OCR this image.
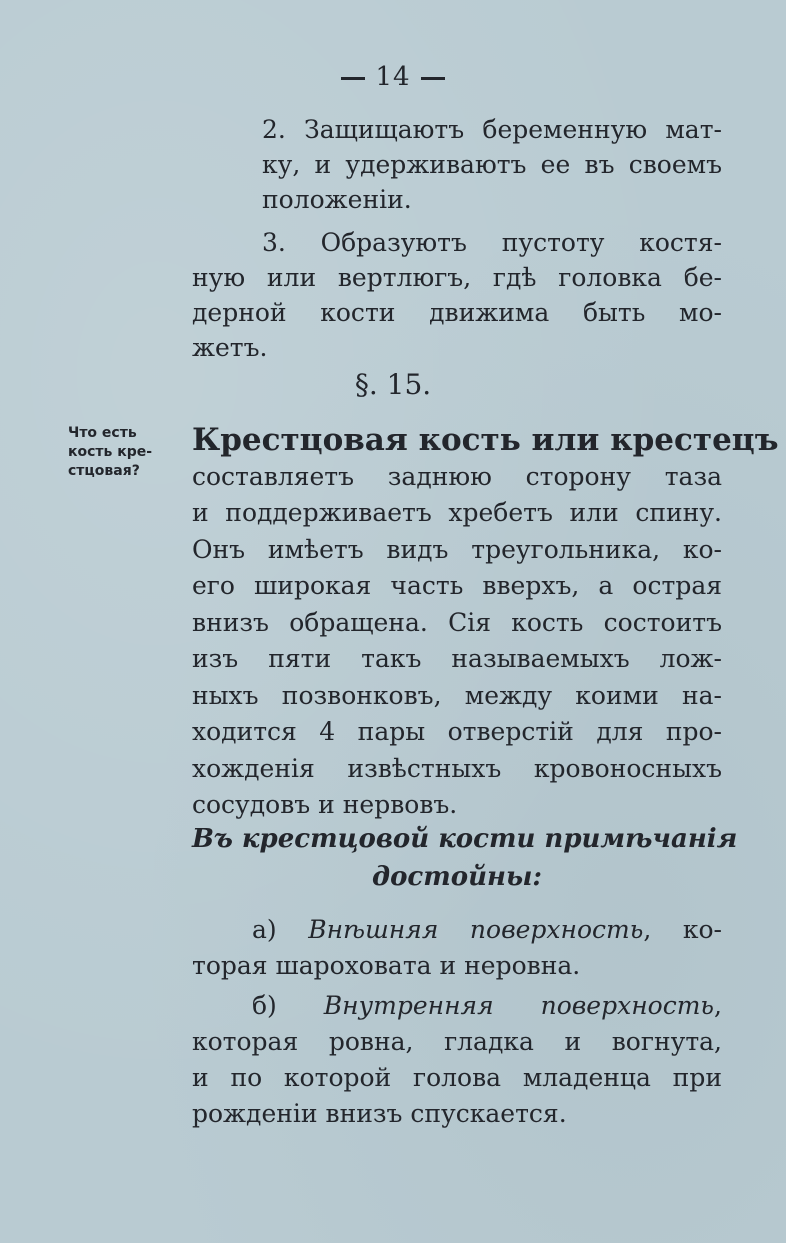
14

2. Защищаютъ беременную мат-
ку, и удерживаютъ ее въ своемъ
положеніи.

3. Образуютъ пустоту костя-
ную или вертлюгъ, гдѣ головка бе-
дерной кости движима быть мо-
жетъ.

§. 15.
Что есть
кость кре-
стцовая?
Крестцовая кость или крестецъ
составляетъ заднюю сторону таза
и поддерживаетъ хребетъ или спину.
Онъ имѣетъ видъ треугольника, ко-
его широкая часть вверхъ, а острая
внизъ обращена. Сія кость состоитъ
изъ пяти такъ называемыхъ лож-
ныхъ позвонковъ, между коими на-
ходится 4 пары отверстій для про-
хожденія извѣстныхъ кровоносныхъ
сосудовъ и нервовъ.
Въ крестцовой кости примѣчанія
достойны:

а) Внѣшняя поверхность, ко-
торая шароховата и неровна.

б) Внутренняя поверхность,
которая ровна, гладка и вогнута,
и по которой голова младенца при
рожденіи внизъ спускается.
